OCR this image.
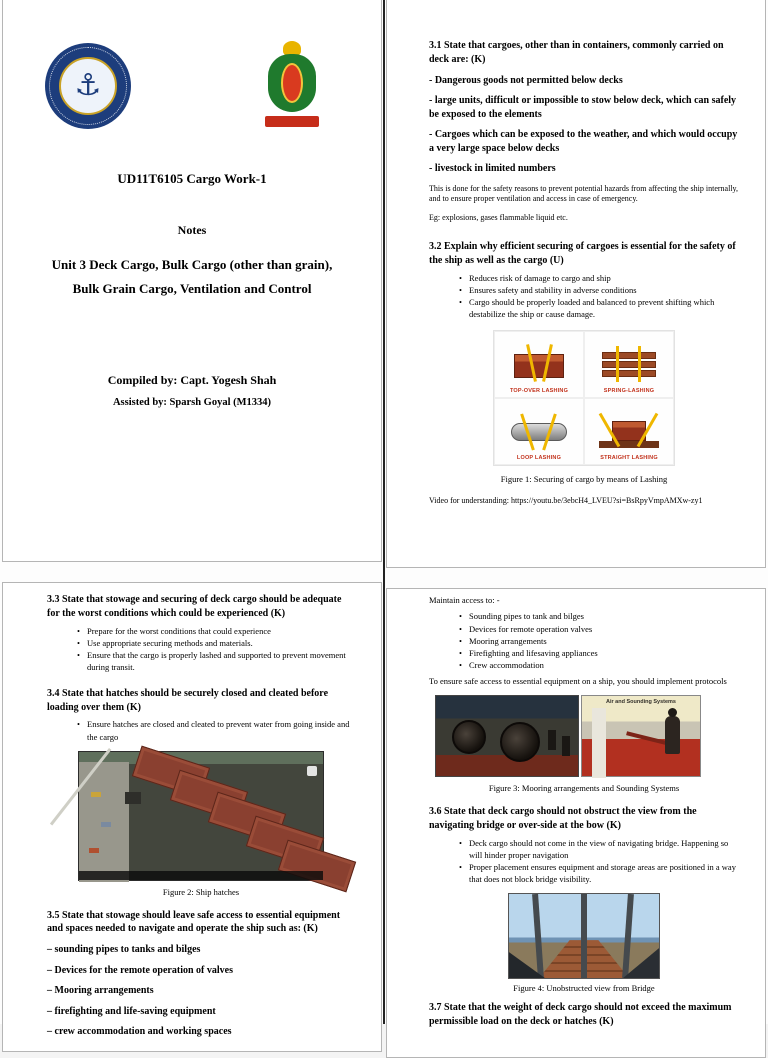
⚓
UD11T6105 Cargo Work-1
Notes
Unit 3 Deck Cargo, Bulk Cargo (other than grain),
Bulk Grain Cargo, Ventilation and Control
Compiled by: Capt. Yogesh Shah
Assisted by: Sparsh Goyal (M1334)
3.1 State that cargoes, other than in containers, commonly carried on deck are: (K)
- Dangerous goods not permitted below decks
- large units, difficult or impossible to stow below deck, which can safely be exposed to the elements
- Cargoes which can be exposed to the weather, and which would occupy a very large space below decks
- livestock in limited numbers
This is done for the safety reasons to prevent potential hazards from affecting the ship internally, and to ensure proper ventilation and access in case of emergency.
Eg: explosions, gases flammable liquid etc.
3.2 Explain why efficient securing of cargoes is essential for the safety of the ship as well as the cargo (U)
• Reduces risk of damage to cargo and ship
• Ensures safety and stability in adverse conditions
• Cargo should be properly loaded and balanced to prevent shifting which destabilize the ship or cause damage.
TOP-OVER LASHING	SPRING-LASHING
LOOP LASHING	STRAIGHT LASHING
Figure 1: Securing of cargo by means of Lashing
Video for understanding: https://youtu.be/3ebcH4_LVEU?si=BsRpyVmpAMXw-zy1
3.3 State that stowage and securing of deck cargo should be adequate for the worst conditions which could be experienced (K)
• Prepare for the worst conditions that could experience
• Use appropriate securing methods and materials.
• Ensure that the cargo is properly lashed and supported to prevent movement during transit.
3.4 State that hatches should be securely closed and cleated before loading over them (K)
• Ensure hatches are closed and cleated to prevent water from going inside and the cargo
Figure 2: Ship hatches
3.5 State that stowage should leave safe access to essential equipment and spaces needed to navigate and operate the ship such as: (K)
– sounding pipes to tanks and bilges
– Devices for the remote operation of valves
– Mooring arrangements
– firefighting and life-saving equipment
– crew accommodation and working spaces
Maintain access to: -
• Sounding pipes to tank and bilges
• Devices for remote operation valves
• Mooring arrangements
• Firefighting and lifesaving appliances
• Crew accommodation
To ensure safe access to essential equipment on a ship, you should implement protocols
Air and Sounding Systems
Figure 3: Mooring arrangements and Sounding Systems
3.6 State that deck cargo should not obstruct the view from the navigating bridge or over-side at the bow (K)
• Deck cargo should not come in the view of navigating bridge. Happening so will hinder proper navigation
• Proper placement ensures equipment and storage areas are positioned in a way that does not block bridge visibility.
Figure 4: Unobstructed view from Bridge
3.7 State that the weight of deck cargo should not exceed the maximum permissible load on the deck or hatches (K)
